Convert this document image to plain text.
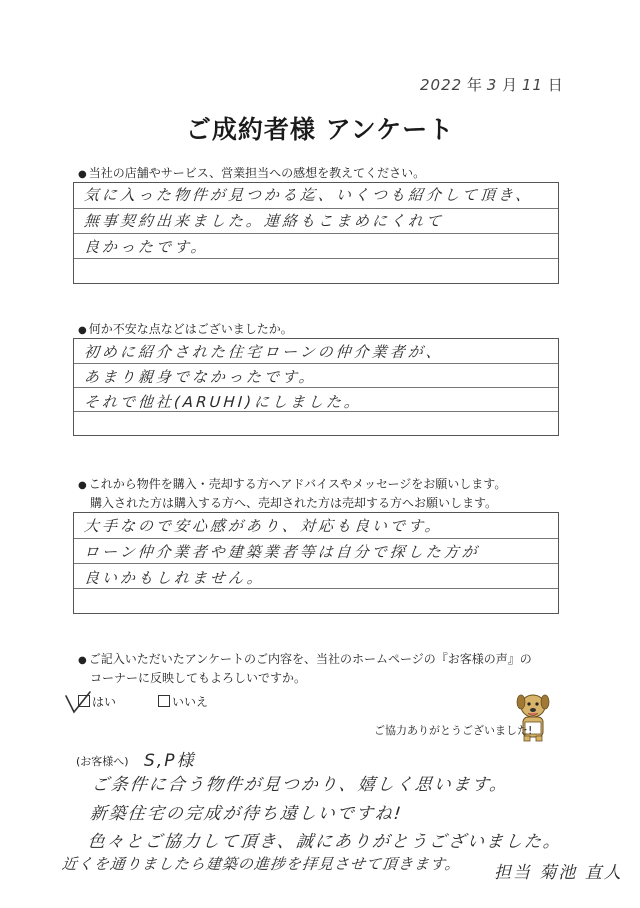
2022 年 3 月 11 日
ご成約者様 アンケート
● 当社の店舗やサービス、営業担当への感想を教えてください。
気に入った物件が見つかる迄、いくつも紹介して頂き、
無事契約出来ました。連絡もこまめにくれて
良かったです。
● 何か不安な点などはございましたか。
初めに紹介された住宅ローンの仲介業者が、
あまり親身でなかったです。
それで他社(ARUHI)にしました。
● これから物件を購入・売却する方へアドバイスやメッセージをお願いします。
購入された方は購入する方へ、売却された方は売却する方へお願いします。
大手なので安心感があり、対応も良いです。
ローン仲介業者や建築業者等は自分で探した方が
良いかもしれません。
● ご記入いただいたアンケートのご内容を、当社のホームページの『お客様の声』の
コーナーに反映してもよろしいですか。
はい	いいえ
ご協力ありがとうございました!
(お客様へ) S,P様
ご条件に合う物件が見つかり、嬉しく思います。
新築住宅の完成が待ち遠しいですね!
色々とご協力して頂き、誠にありがとうございました。
近くを通りましたら建築の進捗を拝見させて頂きます。 担当 菊池 直人
